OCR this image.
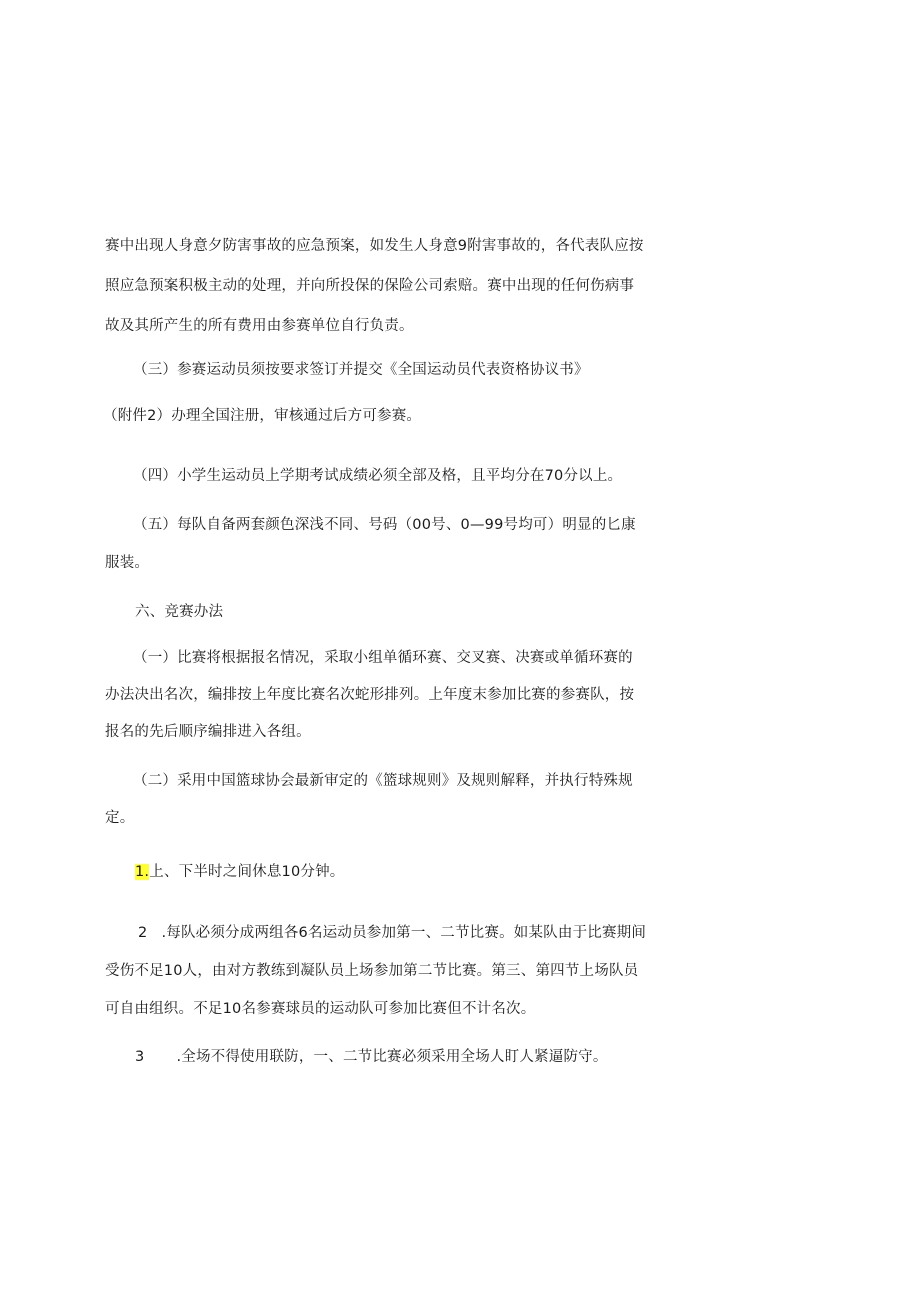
赛中出现人身意夕防害事故的应急预案，如发生人身意9附害事故的，各代表队应按
照应急预案积极主动的处理，并向所投保的保险公司索赔。赛中出现的任何伤病事
故及其所产生的所有费用由参赛单位自行负责。
（三）参赛运动员须按要求签订并提交《全国运动员代表资格协议书》
（附件2）办理全国注册，审核通过后方可参赛。
（四）小学生运动员上学期考试成绩必须全部及格，且平均分在70分以上。
（五）每队自备两套颜色深浅不同、号码（00号、0—99号均可）明显的匕康
服装。
六、竞赛办法
（一）比赛将根据报名情况，采取小组单循环赛、交叉赛、决赛或单循环赛的
办法决出名次，编排按上年度比赛名次蛇形排列。上年度末参加比赛的参赛队，按
报名的先后顺序编排进入各组。
（二）采用中国篮球协会最新审定的《篮球规则》及规则解释，并执行特殊规
定。
1.上、下半时之间休息10分钟。
2 .每队必须分成两组各6名运动员参加第一、二节比赛。如某队由于比赛期间
受伤不足10人，由对方教练到凝队员上场参加第二节比赛。第三、第四节上场队员
可自由组织。不足10名参赛球员的运动队可参加比赛但不计名次。
3 .全场不得使用联防，一、二节比赛必须采用全场人盯人紧逼防守。
